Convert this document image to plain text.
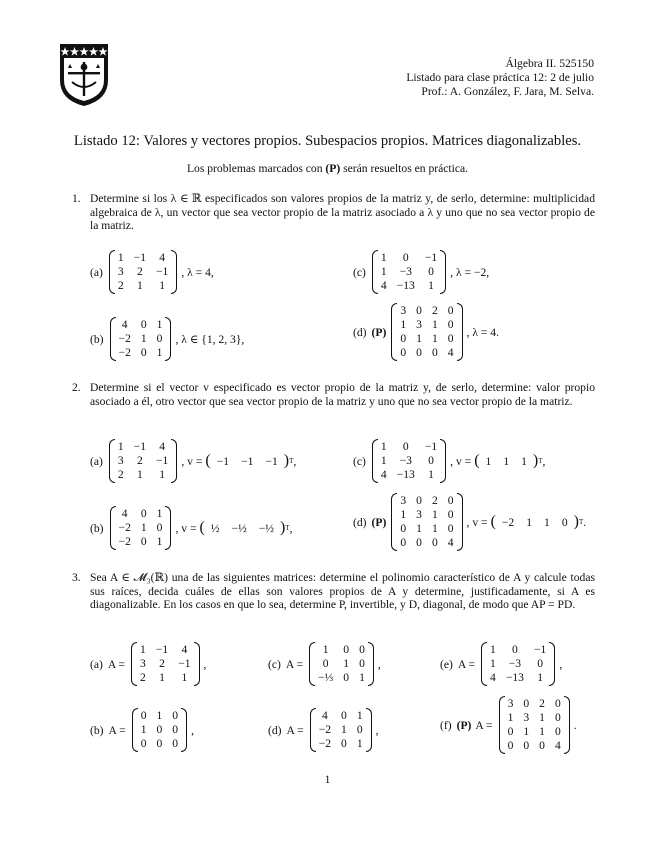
Álgebra II. 525150
Listado para clase práctica 12: 2 de julio
Prof.: A. González, F. Jara, M. Selva.
Listado 12: Valores y vectores propios. Subespacios propios. Matrices diagonalizables.
Los problemas marcados con (P) serán resueltos en práctica.
1. Determine si los λ ∈ ℝ especificados son valores propios de la matriz y, de serlo, determine: multiplicidad algebraica de λ, un vector que sea vector propio de la matriz asociado a λ y uno que no sea vector propio de la matriz.
(a)
1 −1 4
3 2 −1
2 1 1
, λ = 4,	(c)
1	0	−1
1 −3 0
4 −13 1
, λ = −2,
(b)
4 0 1
−2 1 0
−2 0 1
, λ ∈ {1, 2, 3},
(d) (P)
3 0 2 0
1 3 1 0
0 1 1 0
0 0 0 4
, λ = 4.
2. Determine si el vector v especificado es vector propio de la matriz y, de serlo, determine: valor propio asociado a él, otro vector que sea vector propio de la matriz y uno que no sea vector propio de la matriz.
(a)
1 −1 4
3 2 −1
2 1 1
, v = ( −1 −1 −1 ) T ,	(c)
1	0	−1
1 −3 0
4 −13 1
, v = ( 1 1 1 ) T ,
(b)
4 0 1
−2 1 0
−2 0 1
, v = ( ½ −½ −½ ) T ,	(d) (P)
3 0 2 0
1 3 1 0
0 1 1 0
0 0 0 4
, v = ( −2 1 1 0 ) T .
3. Sea A ∈ 𝓜₃(ℝ) una de las siguientes matrices: determine el polinomio característico de A y calcule todas sus raíces, decida cuáles de ellas son valores propios de A y determine, justificadamente, si A es diagonalizable. En los casos en que lo sea, determine P, invertible, y D, diagonal, de modo que AP = PD.
(a) A =
1 −1 4
3 2 −1
2 1 1
,	(c) A =
1	0 0
0	1 0
−⅓ 0 1
,	(e) A =
1	0	−1
1 −3 0
4 −13 1
,
(b) A =
0 1 0
1 0 0
0 0 0
,	(d) A =
4 0 1
−2 1 0
−2 0 1
,	(f) (P) A =
3 0 2 0
1 3 1 0
0 1 1 0
0 0 0 4
.
1
